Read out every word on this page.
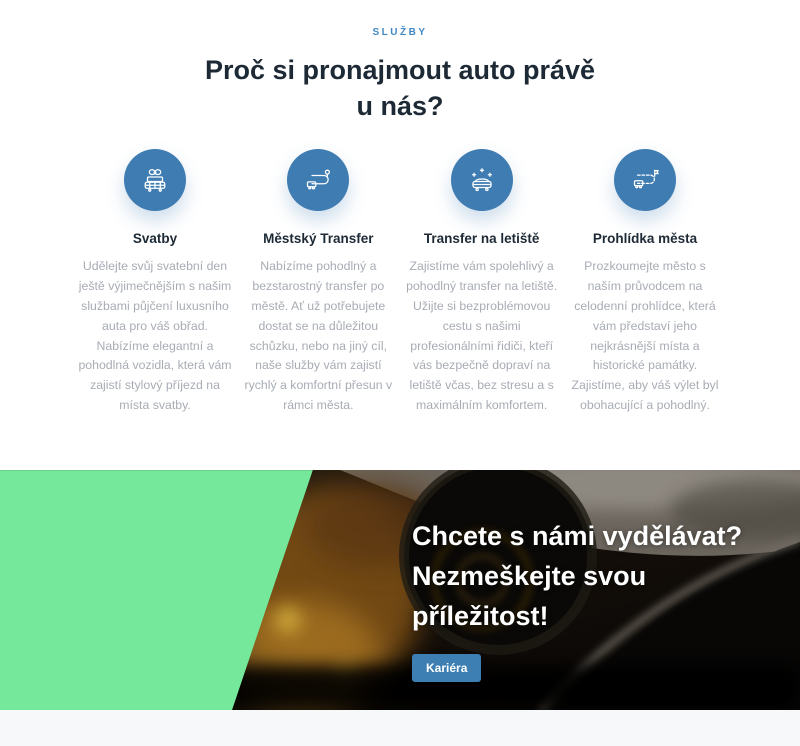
SLUŽBY
Proč si pronajmout auto právě
u nás?
Svatby
Udělejte svůj svatební den ještě výjimečnějším s našim službami půjčení luxusního auta pro váš obřad. Nabízíme elegantní a pohodlná vozidla, která vám zajistí stylový příjezd na místa svatby.
Městský Transfer
Nabízíme pohodlný a bezstarostný transfer po městě. Ať už potřebujete dostat se na důležitou schůzku, nebo na jiný cíl, naše služby vám zajistí rychlý a komfortní přesun v rámci města.
Transfer na letiště
Zajistíme vám spolehlivý a pohodlný transfer na letiště. Užijte si bezproblémovou cestu s našimi profesionálními řidiči, kteří vás bezpečně dopraví na letiště včas, bez stresu a s maximálním komfortem.
Prohlídka města
Prozkoumejte město s naším průvodcem na celodenní prohlídce, která vám představí jeho nejkrásnější místa a historické památky. Zajistíme, aby váš výlet byl obohacující a pohodlný.
Chcete s námi vydělávat?
Nezmeškejte svou
příležitost!
Kariéra
